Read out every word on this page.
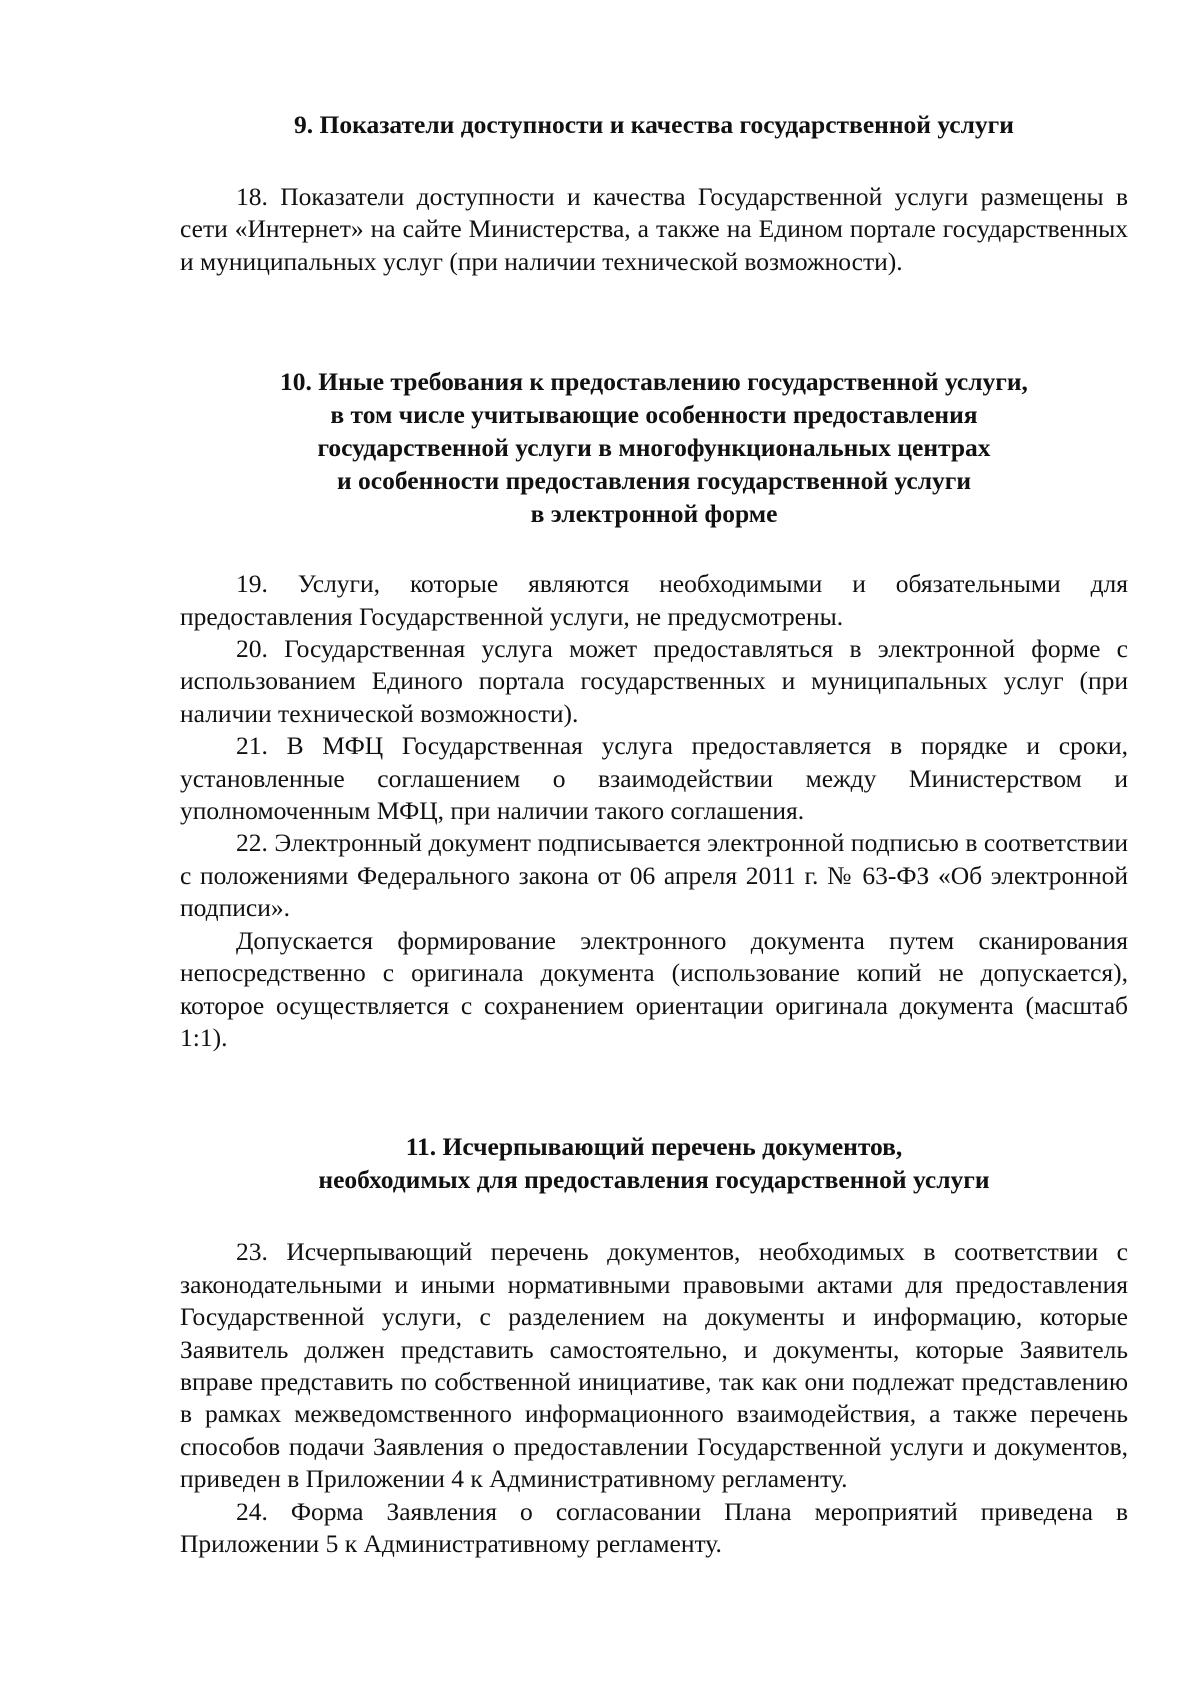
9. Показатели доступности и качества государственной услуги

18. Показатели доступности и качества Государственной услуги размещены в сети «Интернет» на сайте Министерства, а также на Едином портале государственных и муниципальных услуг (при наличии технической возможности).

10. Иные требования к предоставлению государственной услуги,
в том числе учитывающие особенности предоставления
государственной услуги в многофункциональных центрах
и особенности предоставления государственной услуги
в электронной форме

19. Услуги, которые являются необходимыми и обязательными для предоставления Государственной услуги, не предусмотрены.

20. Государственная услуга может предоставляться в электронной форме с использованием Единого портала государственных и муниципальных услуг (при наличии технической возможности).

21. В МФЦ Государственная услуга предоставляется в порядке и сроки, установленные соглашением о взаимодействии между Министерством и уполномоченным МФЦ, при наличии такого соглашения.

22. Электронный документ подписывается электронной подписью в соответствии с положениями Федерального закона от 06 апреля 2011 г. № 63-ФЗ «Об электронной подписи».

Допускается формирование электронного документа путем сканирования непосредственно с оригинала документа (использование копий не допускается), которое осуществляется с сохранением ориентации оригинала документа (масштаб 1:1).

11. Исчерпывающий перечень документов,
необходимых для предоставления государственной услуги

23. Исчерпывающий перечень документов, необходимых в соответствии с законодательными и иными нормативными правовыми актами для предоставления Государственной услуги, с разделением на документы и информацию, которые Заявитель должен представить самостоятельно, и документы, которые Заявитель вправе представить по собственной инициативе, так как они подлежат представлению в рамках межведомственного информационного взаимодействия, а также перечень способов подачи Заявления о предоставлении Государственной услуги и документов, приведен в Приложении 4 к Административному регламенту.

24. Форма Заявления о согласовании Плана мероприятий приведена в Приложении 5 к Административному регламенту.
